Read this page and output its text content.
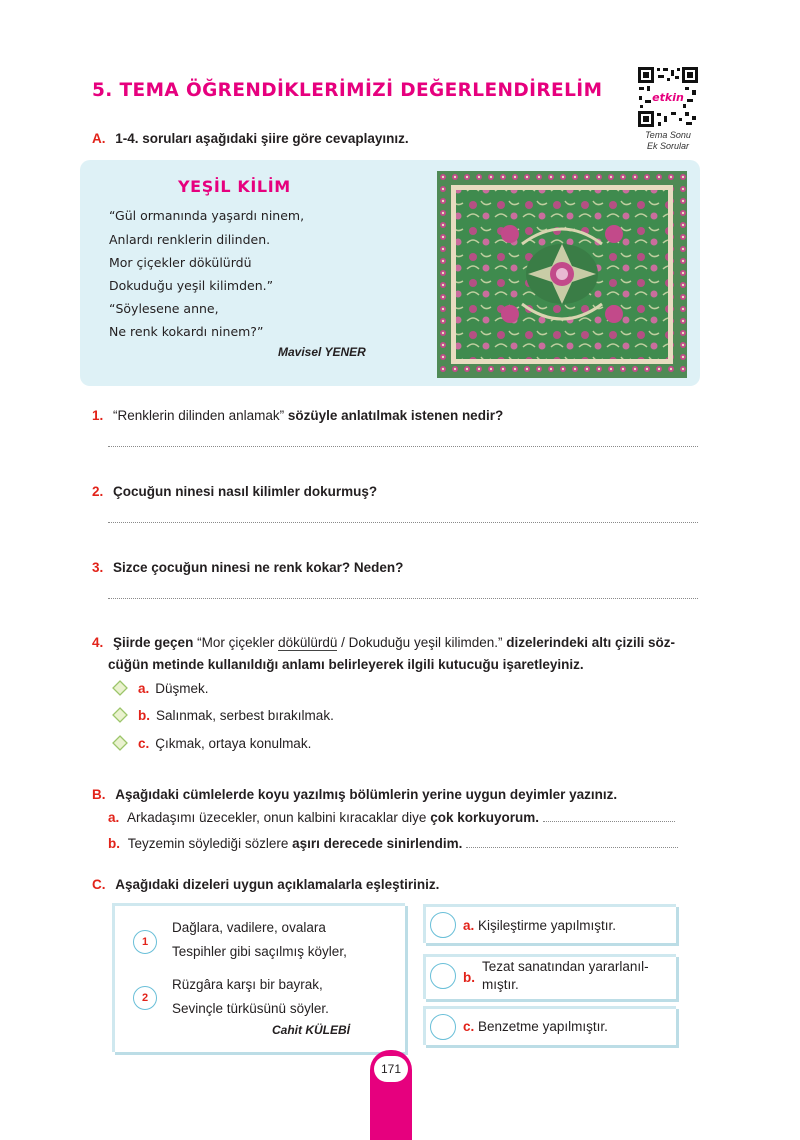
5. TEMA ÖĞRENDİKLERİMİZİ DEĞERLENDİRELİM	etkin
Tema Sonu
Ek Sorular
A. 1-4. soruları aşağıdaki şiire göre cevaplayınız.
YEŞİL KİLİM
“Gül ormanında yaşardı ninem,
Anlardı renklerin dilinden.
Mor çiçekler dökülürdü
Dokuduğu yeşil kilimden.”
“Söylesene anne,
Ne renk kokardı ninem?”
Mavisel YENER
1. “Renklerin dilinden anlamak” sözüyle anlatılmak istenen nedir?
2. Çocuğun ninesi nasıl kilimler dokurmuş?
3. Sizce çocuğun ninesi ne renk kokar? Neden?
4. Şiirde geçen “Mor çiçekler dökülürdü / Dokuduğu yeşil kilimden.” dizelerindeki altı çizili söz-
cüğün metinde kullanıldığı anlamı belirleyerek ilgili kutucuğu işaretleyiniz.
a. Düşmek.
b. Salınmak, serbest bırakılmak.
c. Çıkmak, ortaya konulmak.
B. Aşağıdaki cümlelerde koyu yazılmış bölümlerin yerine uygun deyimler yazınız.
a. Arkadaşımı üzecekler, onun kalbini kıracaklar diye çok korkuyorum.
b. Teyzemin söylediği sözlere aşırı derecede sinirlendim.
C. Aşağıdaki dizeleri uygun açıklamalarla eşleştiriniz.
1
Dağlara, vadilere, ovalara
Tespihler gibi saçılmış köyler,
2
Rüzgâra karşı bir bayrak,
Sevinçle türküsünü söyler.
Cahit KÜLEBİ
a. Kişileştirme yapılmıştır.
b.
Tezat sanatından yararlanıl-
mıştır.
c. Benzetme yapılmıştır.
171
